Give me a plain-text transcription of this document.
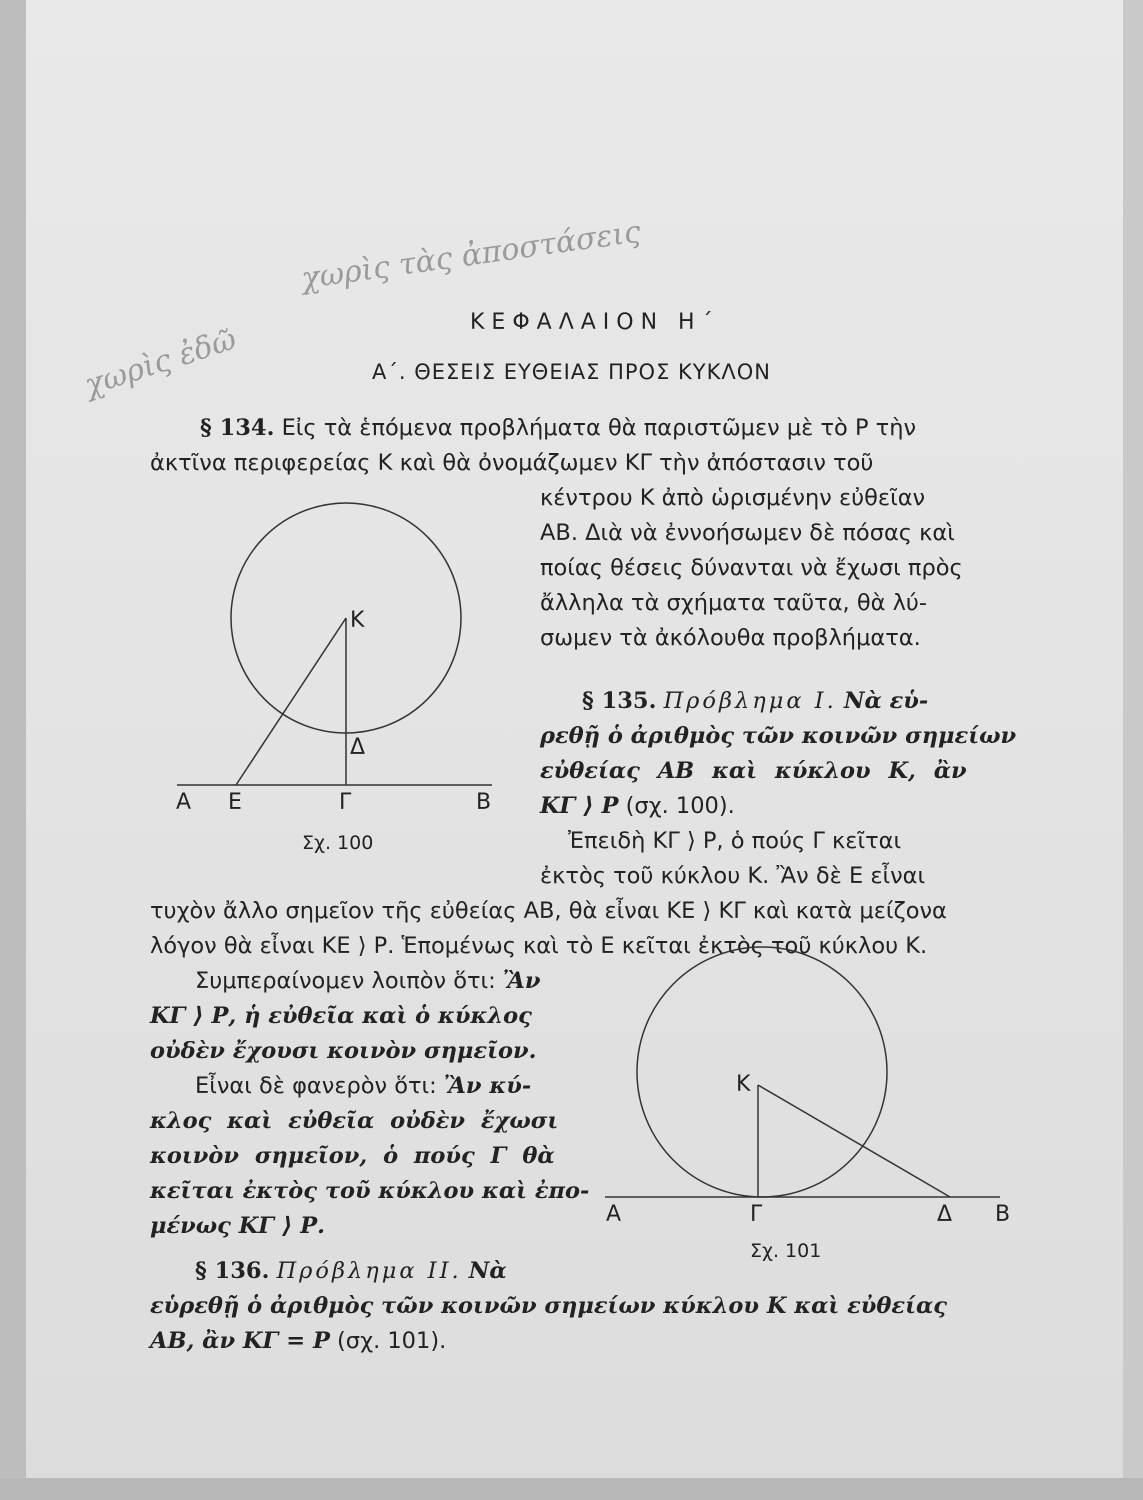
χωρὶς τὰς ἀποστάσεις
χωρὶς ἐδῶ	ΚΕΦΑΛΑΙΟΝ Η΄
Α΄. ΘΕΣΕΙΣ ΕΥΘΕΙΑΣ ΠΡΟΣ ΚΥΚΛΟΝ
§ 134. Εἰς τὰ ἑπόμενα προβλήματα θὰ παριστῶμεν μὲ τὸ Ρ τὴν
ἀκτῖνα περιφερείας Κ καὶ θὰ ὀνομάζωμεν ΚΓ τὴν ἀπόστασιν τοῦ
κέντρου Κ ἀπὸ ὡρισμένην εὐθεῖαν
ΑΒ. Διὰ νὰ ἐννοήσωμεν δὲ πόσας καὶ
ποίας θέσεις δύνανται νὰ ἔχωσι πρὸς
ἄλληλα τὰ σχήματα ταῦτα, θὰ λύ-
σωμεν τὰ ἀκόλουθα προβλήματα.
§ 135. Πρόβλημα I. Νὰ εὑ-
ρεθῇ ὁ ἀριθμὸς τῶν κοινῶν σημείων
εὐθείας ΑΒ καὶ κύκλου Κ, ἂν
ΚΓ ⟩ Ρ (σχ. 100).
Ἐπειδὴ ΚΓ ⟩ Ρ, ὁ πούς Γ κεῖται
ἐκτὸς τοῦ κύκλου Κ. Ἂν δὲ Ε εἶναι
τυχὸν ἄλλο σημεῖον τῆς εὐθείας ΑΒ, θὰ εἶναι ΚΕ ⟩ ΚΓ καὶ κατὰ μείζονα
λόγον θὰ εἶναι ΚΕ ⟩ Ρ. Ἑπομένως καὶ τὸ Ε κεῖται ἐκτὸς τοῦ κύκλου Κ.
Συμπεραίνομεν λοιπὸν ὅτι: Ἂν
ΚΓ ⟩ Ρ, ἡ εὐθεῖα καὶ ὁ κύκλος
οὐδὲν ἔχουσι κοινὸν σημεῖον.
Εἶναι δὲ φανερὸν ὅτι: Ἂν κύ-
κλος καὶ εὐθεῖα οὐδὲν ἔχωσι
κοινὸν σημεῖον, ὁ πούς Γ θὰ
κεῖται ἐκτὸς τοῦ κύκλου καὶ ἐπο-
μένως ΚΓ ⟩ Ρ.
§ 136. Πρόβλημα II. Νὰ
εὑρεθῇ ὁ ἀριθμὸς τῶν κοινῶν σημείων κύκλου Κ καὶ εὐθείας
ΑΒ, ἂν ΚΓ = Ρ (σχ. 101).
Κ
Δ
Α Ε	Γ	Β
Σχ. 100
Κ
Α	Γ	Δ Β
Σχ. 101
